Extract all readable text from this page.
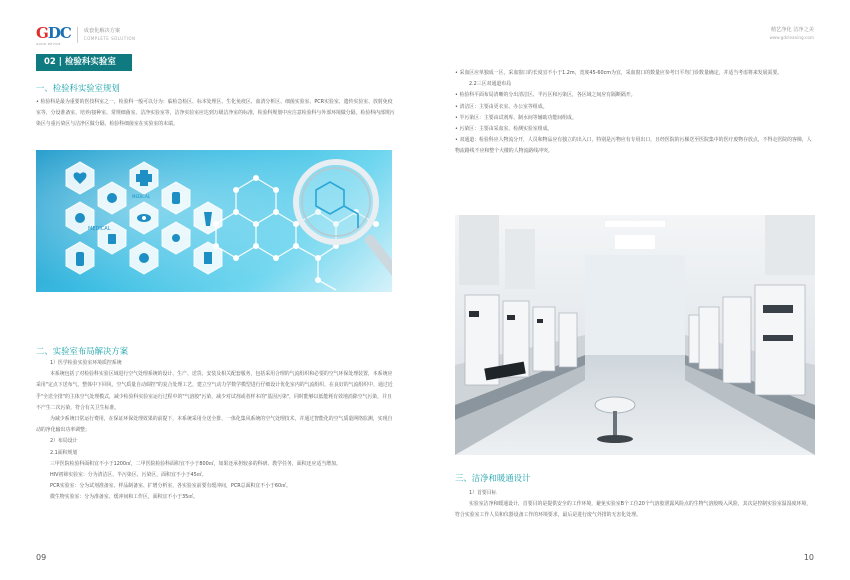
GDC
GOOD DEVICE
成套化解决方案
COMPLETE SOLUTION
02 | 检验科实验室
一、检验科实验室规划
• 检验科是最为重要的医技科室之一，检验科一般可以分为：临检急检区、标本处理区、生化免疫区、血清分析区、细菌实验室、PCR实验室、遗传实验室、放射免疫室等，分设准备室、培养/接种室、常规细菌室、洁净实验室等，洁净实验室应达到万级洁净室的标准，检验科规划中应注意检验科与外部环境做分隔，检验科内部规污染区与重污染区与洁净区做分隔，检验科细菌室在实验室的末端。
MEDICAL
MEDICAL
二、实验室布局解决方案
1）医学检验实验室环境质控系统
本系统包括了对检验科实验区域进行空气处理系统的设计、生产、送货、安装及相关配套服务，包括采用合理的气流组织和必要的空气环保处理装置，本系统应采用"定点下送布气，整体中下回风，空气质量自动调控"的复合处理工艺，建立空气动力学数学模型进行仔细设计优化室内的气流组织，在良好的气流组织中，通过近乎"全送全排"的主体空气处理模式，减少检验科实验室运行过程中的"气溶胶"污染，减少对试剂或者样本的"基因污染"，同时能够以低能耗有效地消除空气污染，并且不产生二次污染，符合有关卫生标准。
为减少系统日常运行费用，在保证环保处理效果的前提下，本系统采用全送全排、一体化集风系统的空气处理技术，并通过智能化的空气质量网络监测，实现自动的净化输出功率调整；
2）布局设计
2.1面积规划
三甲医院检验科面积宜不小于1200㎡，二甲医院检验科面积宜不小于800㎡，如果还承担较多的科研、教学任务，面积还应适当增加。
HIV初筛实验室：分为清洁区、半污染区、污染区，面积宜不小于45㎡。
PCR实验室：分为试剂准备室、样品制备室、扩增分析室，各实验室前要有缓冲间，PCR总面积宜不小于60㎡。
微生物实验室：分为准备室、缓冲间和工作区，面积宜不小于35㎡。
09
精艺净化 洁净之美
www.gdcleaning.com
• 采血区应单独成一区，采血窗口的长度宜不小于1.2m，宽度45-60cm为宜，采血窗口的数量应参考日平均门诊数量确定，并适当考虑将来发展需要。
2.2三区双通道布局
• 检验科平面布局清晰的分出清洁区、半污区和污染区，各区域之间应有隔断隔开。
• 清洁区：主要由更衣室、办公室等组成。
• 半污染区：主要由试剂库、制水间等辅助功能间组成。
• 污染区：主要由采血室、检测实验室组成。
• 双通道：检验科应人物流分开，人员和物品应有独立的出入口，特别是污物应有专用出口，且经医院的污梯送至医院集中的医疗废物存放点，不得走医院的客梯，人物流路线不应和整个大楼的人物流路线冲突。
三、洁净和暖通设计
1）首要目标
实验室洁净和暖通设计，首要目的是提供安全的工作环境，避免实验室B个工位20个气溶胶泄露风险点的生物气溶胶吸入风险，其次是控制实验室温湿度环境，符合实验室工作人员和仪器设备工作的环境要求，最后是进行废气外排的无害化处理。
10
